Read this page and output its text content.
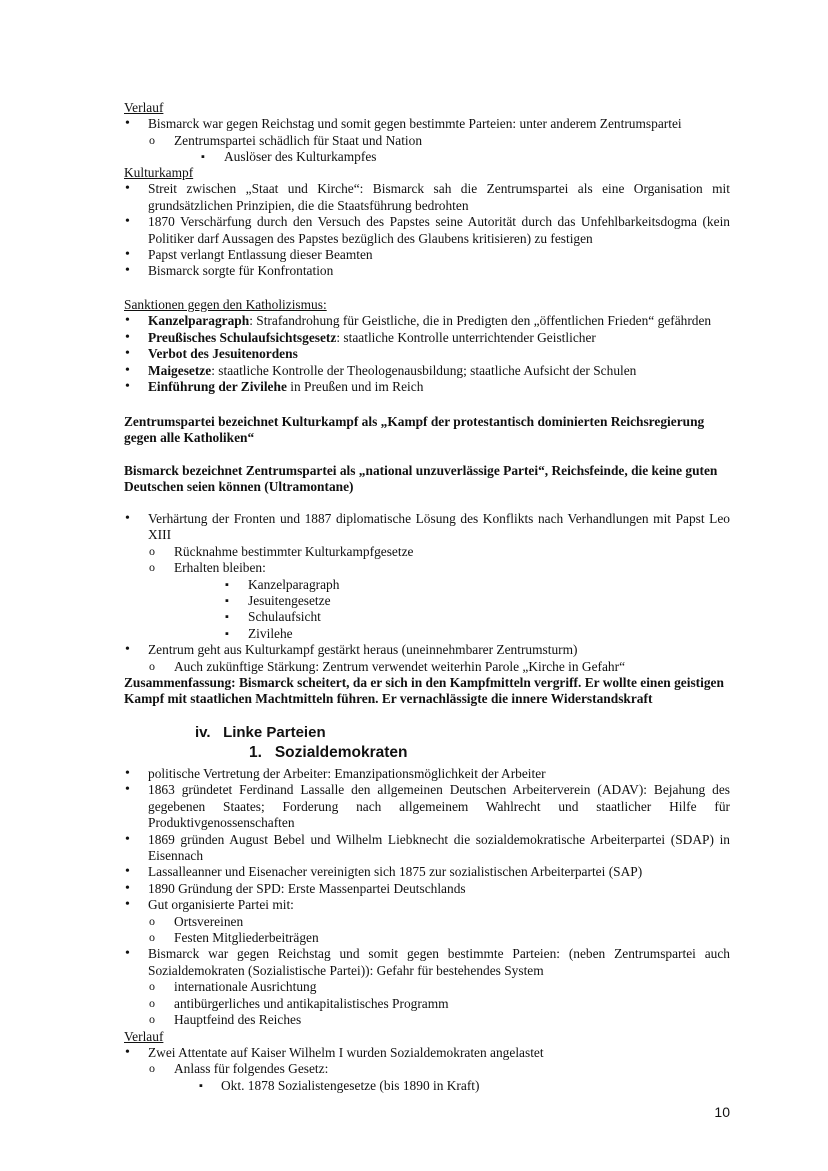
Verlauf
• Bismarck war gegen Reichstag und somit gegen bestimmte Parteien: unter anderem Zentrumspartei
o Zentrumspartei schädlich für Staat und Nation
▪ Auslöser des Kulturkampfes
Kulturkampf
• Streit zwischen „Staat und Kirche“: Bismarck sah die Zentrumspartei als eine Organisation mit grundsätzlichen Prinzipien, die die Staatsführung bedrohten
• 1870 Verschärfung durch den Versuch des Papstes seine Autorität durch das Unfehlbarkeitsdogma (kein Politiker darf Aussagen des Papstes bezüglich des Glaubens kritisieren) zu festigen
• Papst verlangt Entlassung dieser Beamten
• Bismarck sorgte für Konfrontation
Sanktionen gegen den Katholizismus:
• Kanzelparagraph: Strafandrohung für Geistliche, die in Predigten den „öffentlichen Frieden“ gefährden
• Preußisches Schulaufsichtsgesetz: staatliche Kontrolle unterrichtender Geistlicher
• Verbot des Jesuitenordens
• Maigesetze: staatliche Kontrolle der Theologenausbildung; staatliche Aufsicht der Schulen
• Einführung der Zivilehe in Preußen und im Reich
Zentrumspartei bezeichnet Kulturkampf als „Kampf der protestantisch dominierten Reichsregierung gegen alle Katholiken“
Bismarck bezeichnet Zentrumspartei als „national unzuverlässige Partei“, Reichsfeinde, die keine guten Deutschen seien können (Ultramontane)
• Verhärtung der Fronten und 1887 diplomatische Lösung des Konflikts nach Verhandlungen mit Papst Leo XIII
o Rücknahme bestimmter Kulturkampfgesetze
o Erhalten bleiben:
▪ Kanzelparagraph
▪ Jesuitengesetze
▪ Schulaufsicht
▪ Zivilehe
• Zentrum geht aus Kulturkampf gestärkt heraus (uneinnehmbarer Zentrumsturm)
o Auch zukünftige Stärkung: Zentrum verwendet weiterhin Parole „Kirche in Gefahr“
Zusammenfassung: Bismarck scheitert, da er sich in den Kampfmitteln vergriff. Er wollte einen geistigen Kampf mit staatlichen Machtmitteln führen. Er vernachlässigte die innere Widerstandskraft
iv.   Linke Parteien
1.   Sozialdemokraten
• politische Vertretung der Arbeiter: Emanzipationsmöglichkeit der Arbeiter
• 1863 gründetet Ferdinand Lassalle den allgemeinen Deutschen Arbeiterverein (ADAV): Bejahung des gegebenen Staates; Forderung nach allgemeinem Wahlrecht und staatlicher Hilfe für Produktivgenossenschaften
• 1869 gründen August Bebel und Wilhelm Liebknecht die sozialdemokratische Arbeiterpartei (SDAP) in Eisennach
• Lassalleanner und Eisenacher vereinigten sich 1875 zur sozialistischen Arbeiterpartei (SAP)
• 1890 Gründung der SPD: Erste Massenpartei Deutschlands
• Gut organisierte Partei mit:
o Ortsvereinen
o Festen Mitgliederbeiträgen
• Bismarck war gegen Reichstag und somit gegen bestimmte Parteien: (neben Zentrumspartei auch Sozialdemokraten (Sozialistische Partei)): Gefahr für bestehendes System
o internationale Ausrichtung
o antibürgerliches und antikapitalistisches Programm
o Hauptfeind des Reiches
Verlauf
• Zwei Attentate auf Kaiser Wilhelm I wurden Sozialdemokraten angelastet
o Anlass für folgendes Gesetz:
▪ Okt. 1878 Sozialistengesetze (bis 1890 in Kraft)
10
